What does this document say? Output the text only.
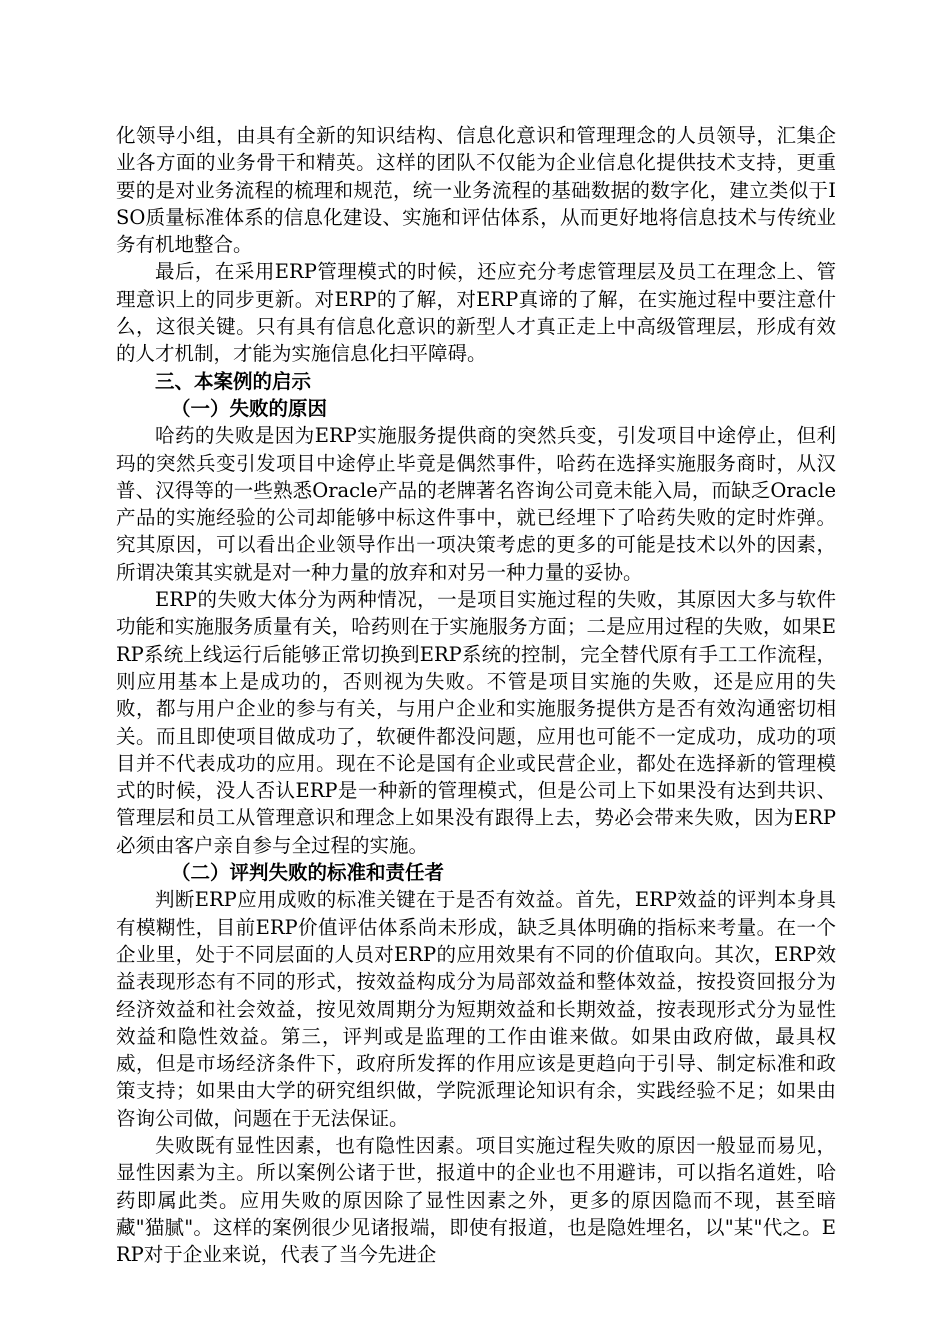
化领导小组，由具有全新的知识结构、信息化意识和管理理念的人员领导，汇集企业各方面的业务骨干和精英。这样的团队不仅能为企业信息化提供技术支持，更重要的是对业务流程的梳理和规范，统一业务流程的基础数据的数字化，建立类似于ISO质量标准体系的信息化建设、实施和评估体系，从而更好地将信息技术与传统业务有机地整合。

最后，在采用ERP管理模式的时候，还应充分考虑管理层及员工在理念上、管理意识上的同步更新。对ERP的了解，对ERP真谛的了解，在实施过程中要注意什么，这很关键。只有具有信息化意识的新型人才真正走上中高级管理层，形成有效的人才机制，才能为实施信息化扫平障碍。

三、本案例的启示
（一）失败的原因

哈药的失败是因为ERP实施服务提供商的突然兵变，引发项目中途停止，但利玛的突然兵变引发项目中途停止毕竟是偶然事件，哈药在选择实施服务商时，从汉普、汉得等的一些熟悉Oracle产品的老牌著名咨询公司竟未能入局，而缺乏Oracle产品的实施经验的公司却能够中标这件事中，就已经埋下了哈药失败的定时炸弹。究其原因，可以看出企业领导作出一项决策考虑的更多的可能是技术以外的因素，所谓决策其实就是对一种力量的放弃和对另一种力量的妥协。

ERP的失败大体分为两种情况，一是项目实施过程的失败，其原因大多与软件功能和实施服务质量有关，哈药则在于实施服务方面；二是应用过程的失败，如果ERP系统上线运行后能够正常切换到ERP系统的控制，完全替代原有手工工作流程，则应用基本上是成功的，否则视为失败。不管是项目实施的失败，还是应用的失败，都与用户企业的参与有关，与用户企业和实施服务提供方是否有效沟通密切相关。而且即使项目做成功了，软硬件都没问题，应用也可能不一定成功，成功的项目并不代表成功的应用。现在不论是国有企业或民营企业，都处在选择新的管理模式的时候，没人否认ERP是一种新的管理模式，但是公司上下如果没有达到共识、管理层和员工从管理意识和理念上如果没有跟得上去，势必会带来失败，因为ERP必须由客户亲自参与全过程的实施。

（二）评判失败的标准和责任者

判断ERP应用成败的标准关键在于是否有效益。首先，ERP效益的评判本身具有模糊性，目前ERP价值评估体系尚未形成，缺乏具体明确的指标来考量。在一个企业里，处于不同层面的人员对ERP的应用效果有不同的价值取向。其次，ERP效益表现形态有不同的形式，按效益构成分为局部效益和整体效益，按投资回报分为经济效益和社会效益，按见效周期分为短期效益和长期效益，按表现形式分为显性效益和隐性效益。第三，评判或是监理的工作由谁来做。如果由政府做，最具权威，但是市场经济条件下，政府所发挥的作用应该是更趋向于引导、制定标准和政策支持；如果由大学的研究组织做，学院派理论知识有余，实践经验不足；如果由咨询公司做，问题在于无法保证。

失败既有显性因素，也有隐性因素。项目实施过程失败的原因一般显而易见，显性因素为主。所以案例公诸于世，报道中的企业也不用避讳，可以指名道姓，哈药即属此类。应用失败的原因除了显性因素之外，更多的原因隐而不现，甚至暗藏"猫腻"。这样的案例很少见诸报端，即使有报道，也是隐姓埋名，以"某"代之。ERP对于企业来说，代表了当今先进企
